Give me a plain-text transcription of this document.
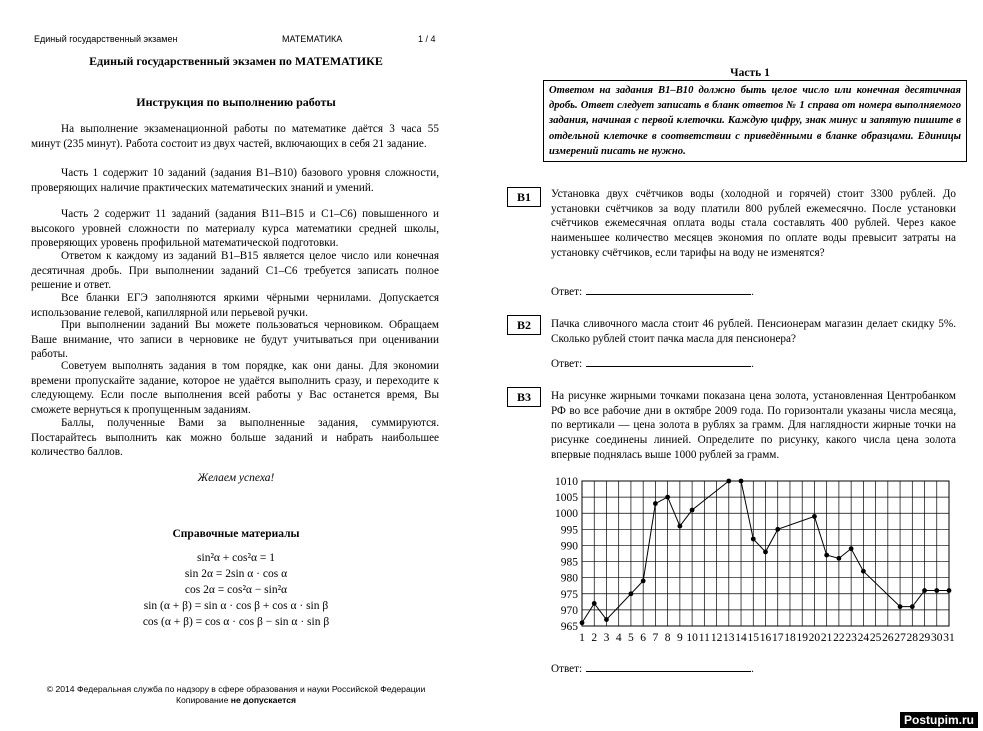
Единый государственный экзамен	МАТЕМАТИКА	1 / 4
Единый государственный экзамен по МАТЕМАТИКЕ
Инструкция по выполнению работы

На выполнение экзаменационной работы по математике даётся 3 часа 55 минут (235 минут). Работа состоит из двух частей, включающих в себя 21 задание.

Часть 1 содержит 10 заданий (задания В1–В10) базового уровня сложности, проверяющих наличие практических математических знаний и умений.

Часть 2 содержит 11 заданий (задания В11–В15 и С1–С6) повышенного и высокого уровней сложности по материалу курса математики средней школы, проверяющих уровень профильной математической подготовки.

Ответом к каждому из заданий В1–В15 является целое число или конечная десятичная дробь. При выполнении заданий С1–С6 требуется записать полное решение и ответ.

Все бланки ЕГЭ заполняются яркими чёрными чернилами. Допускается использование гелевой, капиллярной или перьевой ручки.

При выполнении заданий Вы можете пользоваться черновиком. Обращаем Ваше внимание, что записи в черновике не будут учитываться при оценивании работы.

Советуем выполнять задания в том порядке, как они даны. Для экономии времени пропускайте задание, которое не удаётся выполнить сразу, и переходите к следующему. Если после выполнения всей работы у Вас останется время, Вы сможете вернуться к пропущенным заданиям.

Баллы, полученные Вами за выполненные задания, суммируются. Постарайтесь выполнить как можно больше заданий и набрать наибольшее количество баллов.

Желаем успеха!
Справочные материалы
sin²α + cos²α = 1
sin 2α = 2sin α · cos α
cos 2α = cos²α − sin²α
sin (α + β) = sin α · cos β + cos α · sin β
cos (α + β) = cos α · cos β − sin α · sin β
© 2014 Федеральная служба по надзору в сфере образования и науки Российской Федерации
Копирование не допускается
Часть 1
Ответом на задания В1–В10 должно быть целое число или конечная десятичная дробь. Ответ следует записать в бланк ответов № 1 справа от номера выполняемого задания, начиная с первой клеточки. Каждую цифру, знак минус и запятую пишите в отдельной клеточке в соответствии с приведёнными в бланке образцами. Единицы измерений писать не нужно.
В1	Установка двух счётчиков воды (холодной и горячей) стоит 3300 рублей. До установки счётчиков за воду платили 800 рублей ежемесячно. После установки счётчиков ежемесячная оплата воды стала составлять 400 рублей. Через какое наименьшее количество месяцев экономия по оплате воды превысит затраты на установку счётчиков, если тарифы на воду не изменятся?

Ответ:	.
В2	Пачка сливочного масла стоит 46 рублей. Пенсионерам магазин делает скидку 5%. Сколько рублей стоит пачка масла для пенсионера?

Ответ:	.
В3	На рисунке жирными точками показана цена золота, установленная Центробанком РФ во все рабочие дни в октябре 2009 года. По горизонтали указаны числа месяца, по вертикали — цена золота в рублях за грамм. Для наглядности жирные точки на рисунке соединены линией. Определите по рисунку, какого числа цена золота впервые поднялась выше 1000 рублей за грамм.

965
970
975
980
985
990
995
1000
1005
1010
1 2 3 4 5 6 7 8 9 10 11 12 13 14 15 16 17 18 19 20 21 22 23 24 25 26 27 28 29 30 31
Ответ:	.
Postupim.ru
